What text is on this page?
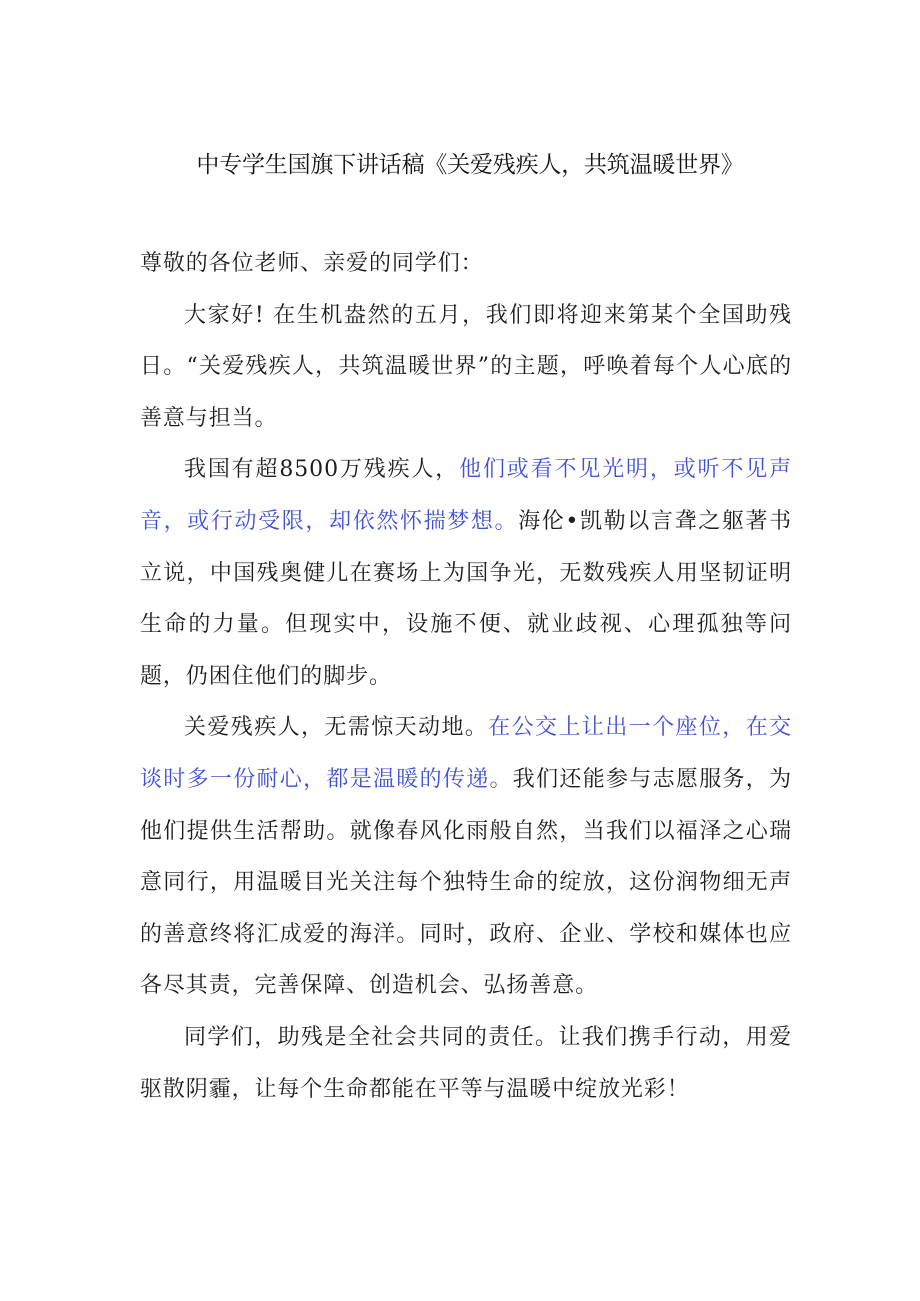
中专学生国旗下讲话稿《关爱残疾人，共筑温暖世界》

尊敬的各位老师、亲爱的同学们：

大家好! 在生机盎然的五月，我们即将迎来第某个全国助残日。“关爱残疾人，共筑温暖世界”的主题，呼唤着每个人心底的善意与担当。

我国有超8500万残疾人，他们或看不见光明，或听不见声音，或行动受限，却依然怀揣梦想。海伦•凯勒以言聋之躯著书立说，中国残奥健儿在赛场上为国争光，无数残疾人用坚韧证明生命的力量。但现实中，设施不便、就业歧视、心理孤独等问题，仍困住他们的脚步。

关爱残疾人，无需惊天动地。在公交上让出一个座位，在交谈时多一份耐心，都是温暖的传递。我们还能参与志愿服务，为他们提供生活帮助。就像春风化雨般自然，当我们以福泽之心瑞意同行，用温暖目光关注每个独特生命的绽放，这份润物细无声的善意终将汇成爱的海洋。同时，政府、企业、学校和媒体也应各尽其责，完善保障、创造机会、弘扬善意。

同学们，助残是全社会共同的责任。让我们携手行动，用爱驱散阴霾，让每个生命都能在平等与温暖中绽放光彩！
